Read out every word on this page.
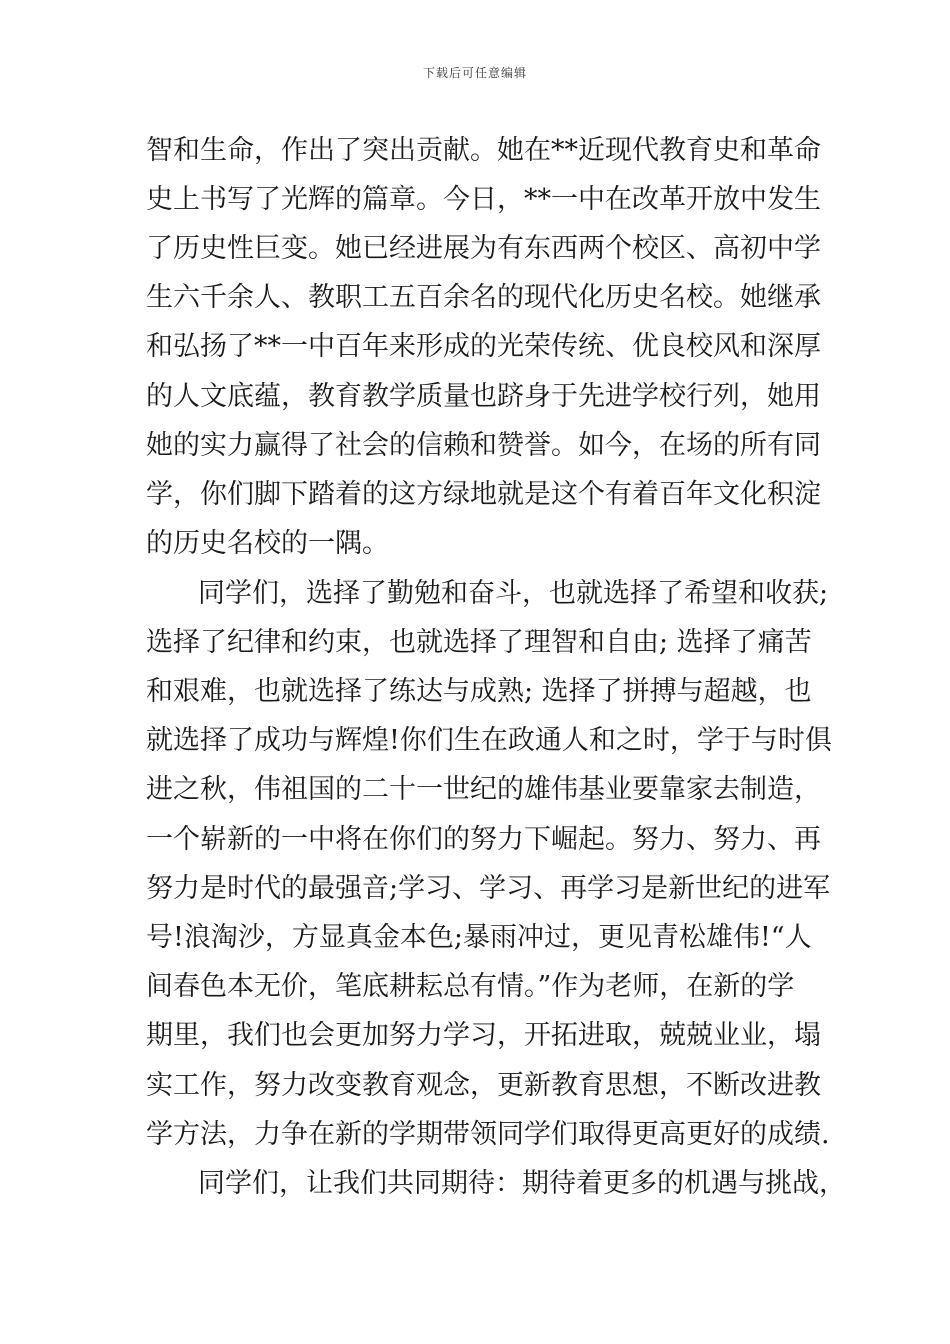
下载后可任意编辑
智和生命，作出了突出贡献。她在**近现代教育史和革命
史上书写了光辉的篇章。今日，**一中在改革开放中发生
了历史性巨变。她已经进展为有东西两个校区、高初中学
生六千余人、教职工五百余名的现代化历史名校。她继承
和弘扬了**一中百年来形成的光荣传统、优良校风和深厚
的人文底蕴，教育教学质量也跻身于先进学校行列，她用
她的实力赢得了社会的信赖和赞誉。如今，在场的所有同
学，你们脚下踏着的这方绿地就是这个有着百年文化积淀
的历史名校的一隅。
同学们，选择了勤勉和奋斗，也就选择了希望和收获;
选择了纪律和约束，也就选择了理智和自由; 选择了痛苦
和艰难，也就选择了练达与成熟; 选择了拼搏与超越，也
就选择了成功与辉煌!你们生在政通人和之时，学于与时俱
进之秋，伟祖国的二十一世纪的雄伟基业要靠家去制造，
一个崭新的一中将在你们的努力下崛起。努力、努力、再
努力是时代的最强音;学习、学习、再学习是新世纪的进军
号!浪淘沙，方显真金本色;暴雨冲过，更见青松雄伟!“人
间春色本无价，笔底耕耘总有情。”作为老师，在新的学
期里，我们也会更加努力学习，开拓进取，兢兢业业，塌
实工作，努力改变教育观念，更新教育思想，不断改进教
学方法，力争在新的学期带领同学们取得更高更好的成绩.
同学们，让我们共同期待：期待着更多的机遇与挑战，
